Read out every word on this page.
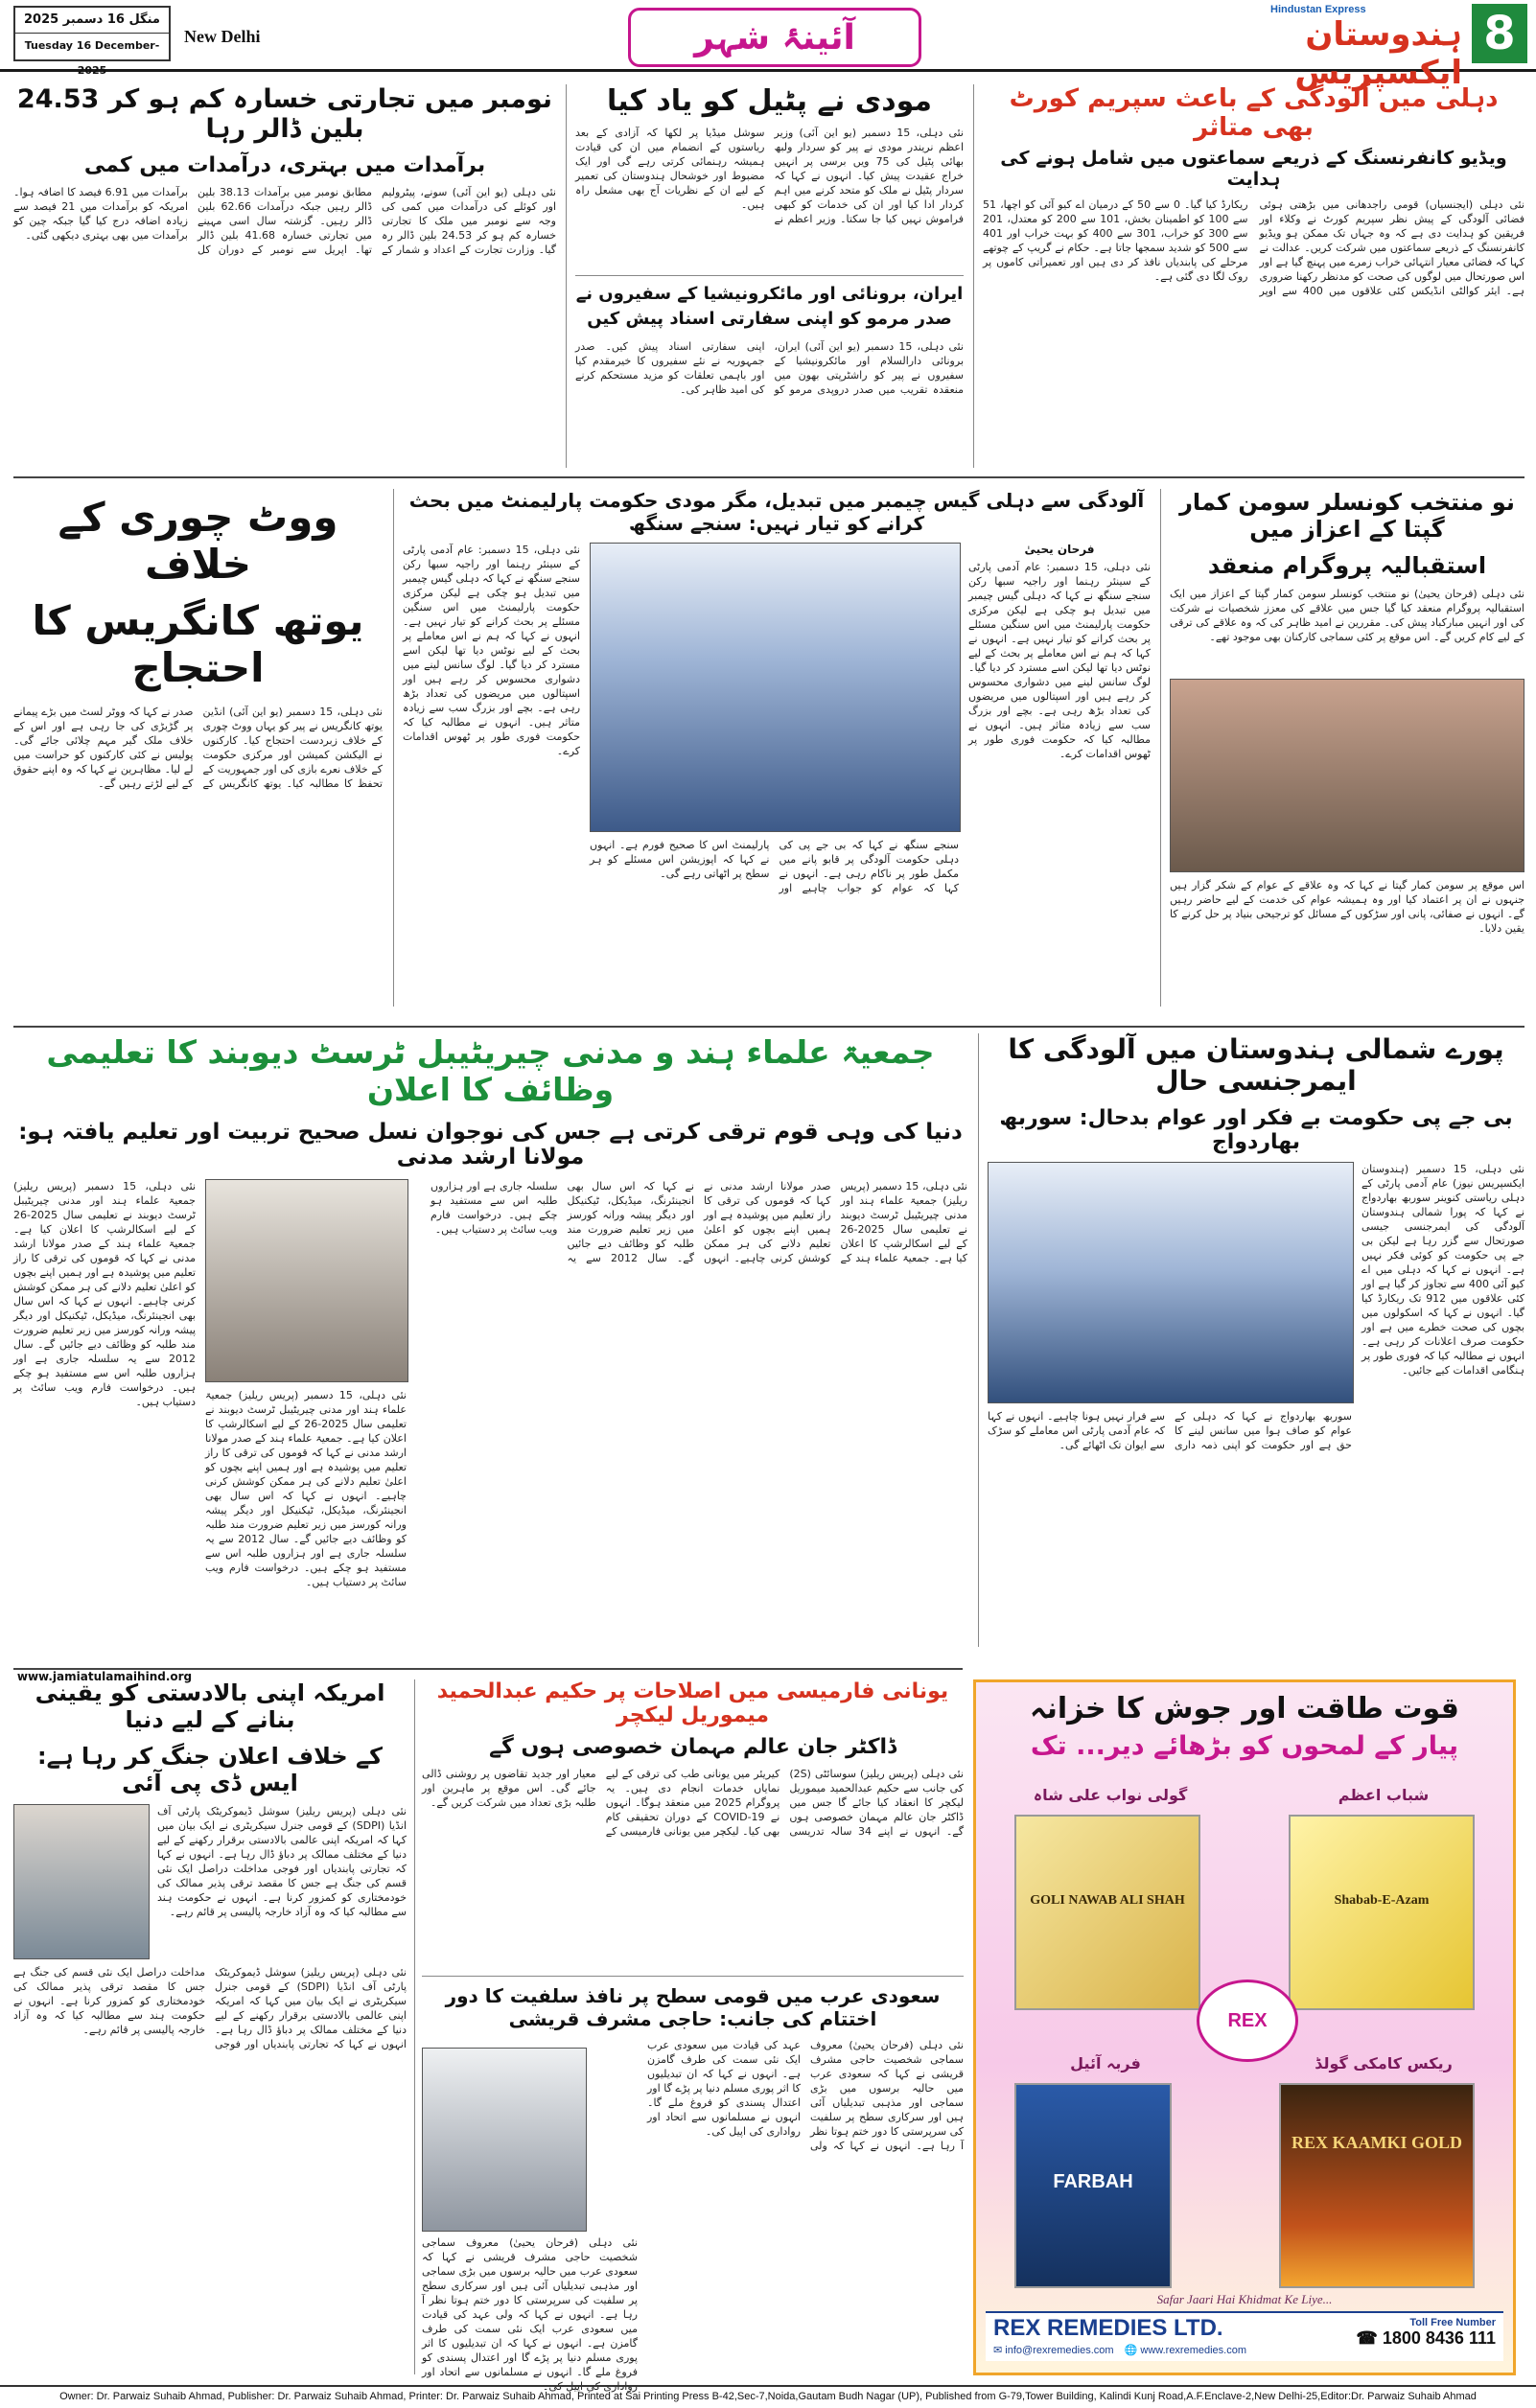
منگل 16 دسمبر 2025
Tuesday 16 December-2025
New Delhi	آئینۂ شہر
Hindustan Express
ہندوستان ایکسپریس
8
دہلی میں آلودگی کے باعث سپریم کورٹ بھی متاثر
ویڈیو کانفرنسنگ کے ذریعے سماعتوں میں شامل ہونے کی ہدایت
نئی دہلی (ایجنسیاں) قومی راجدھانی میں بڑھتی ہوئی فضائی آلودگی کے پیش نظر سپریم کورٹ نے وکلاء اور فریقین کو ہدایت دی ہے کہ وہ جہاں تک ممکن ہو ویڈیو کانفرنسنگ کے ذریعے سماعتوں میں شرکت کریں۔ عدالت نے کہا کہ فضائی معیار انتہائی خراب زمرے میں پہنچ گیا ہے اور اس صورتحال میں لوگوں کی صحت کو مدنظر رکھنا ضروری ہے۔ ایئر کوالٹی انڈیکس کئی علاقوں میں 400 سے اوپر ریکارڈ کیا گیا۔ 0 سے 50 کے درمیان اے کیو آئی کو اچھا، 51 سے 100 کو اطمینان بخش، 101 سے 200 کو معتدل، 201 سے 300 کو خراب، 301 سے 400 کو بہت خراب اور 401 سے 500 کو شدید سمجھا جاتا ہے۔ حکام نے گریپ کے چوتھے مرحلے کی پابندیاں نافذ کر دی ہیں اور تعمیراتی کاموں پر روک لگا دی گئی ہے۔
مودی نے پٹیل کو یاد کیا
نئی دہلی، 15 دسمبر (یو این آئی) وزیر اعظم نریندر مودی نے پیر کو سردار ولبھ بھائی پٹیل کی 75 ویں برسی پر انہیں خراج عقیدت پیش کیا۔ انہوں نے کہا کہ سردار پٹیل نے ملک کو متحد کرنے میں اہم کردار ادا کیا اور ان کی خدمات کو کبھی فراموش نہیں کیا جا سکتا۔ وزیر اعظم نے سوشل میڈیا پر لکھا کہ آزادی کے بعد ریاستوں کے انضمام میں ان کی قیادت ہمیشہ رہنمائی کرتی رہے گی اور ایک مضبوط اور خوشحال ہندوستان کی تعمیر کے لیے ان کے نظریات آج بھی مشعل راہ ہیں۔
ایران، برونائی اور مائکرونیشیا کے سفیروں نے صدر مرمو کو اپنی سفارتی اسناد پیش کیں
نئی دہلی، 15 دسمبر (یو این آئی) ایران، برونائی دارالسلام اور مائکرونیشیا کے سفیروں نے پیر کو راشٹرپتی بھون میں منعقدہ تقریب میں صدر دروپدی مرمو کو اپنی سفارتی اسناد پیش کیں۔ صدر جمہوریہ نے نئے سفیروں کا خیرمقدم کیا اور باہمی تعلقات کو مزید مستحکم کرنے کی امید ظاہر کی۔
نومبر میں تجارتی خسارہ کم ہو کر 24.53 بلین ڈالر رہا
برآمدات میں بہتری، درآمدات میں کمی
نئی دہلی (یو این آئی) سونے، پیٹرولیم اور کوئلے کی درآمدات میں کمی کی وجہ سے نومبر میں ملک کا تجارتی خسارہ کم ہو کر 24.53 بلین ڈالر رہ گیا۔ وزارت تجارت کے اعداد و شمار کے مطابق نومبر میں برآمدات 38.13 بلین ڈالر رہیں جبکہ درآمدات 62.66 بلین ڈالر رہیں۔ گزشتہ سال اسی مہینے میں تجارتی خسارہ 41.68 بلین ڈالر تھا۔ اپریل سے نومبر کے دوران کل برآمدات میں 6.91 فیصد کا اضافہ ہوا۔ امریکہ کو برآمدات میں 21 فیصد سے زیادہ اضافہ درج کیا گیا جبکہ چین کو برآمدات میں بھی بہتری دیکھی گئی۔
نو منتخب کونسلر سومن کمار گپتا کے اعزاز میں
استقبالیہ پروگرام منعقد
نئی دہلی (فرحان یحییٰ) نو منتخب کونسلر سومن کمار گپتا کے اعزاز میں ایک استقبالیہ پروگرام منعقد کیا گیا جس میں علاقے کی معزز شخصیات نے شرکت کی اور انہیں مبارکباد پیش کی۔ مقررین نے امید ظاہر کی کہ وہ علاقے کی ترقی کے لیے کام کریں گے۔ اس موقع پر کئی سماجی کارکنان بھی موجود تھے۔
اس موقع پر سومن کمار گپتا نے کہا کہ وہ علاقے کے عوام کے شکر گزار ہیں جنہوں نے ان پر اعتماد کیا اور وہ ہمیشہ عوام کی خدمت کے لیے حاضر رہیں گے۔ انہوں نے صفائی، پانی اور سڑکوں کے مسائل کو ترجیحی بنیاد پر حل کرنے کا یقین دلایا۔
آلودگی سے دہلی گیس چیمبر میں تبدیل، مگر مودی حکومت پارلیمنٹ میں بحث کرانے کو تیار نہیں: سنجے سنگھ
فرحان یحییٰ
نئی دہلی، 15 دسمبر: عام آدمی پارٹی کے سینئر رہنما اور راجیہ سبھا رکن سنجے سنگھ نے کہا کہ دہلی گیس چیمبر میں تبدیل ہو چکی ہے لیکن مرکزی حکومت پارلیمنٹ میں اس سنگین مسئلے پر بحث کرانے کو تیار نہیں ہے۔ انہوں نے کہا کہ ہم نے اس معاملے پر بحث کے لیے نوٹس دیا تھا لیکن اسے مسترد کر دیا گیا۔ لوگ سانس لینے میں دشواری محسوس کر رہے ہیں اور اسپتالوں میں مریضوں کی تعداد بڑھ رہی ہے۔ بچے اور بزرگ سب سے زیادہ متاثر ہیں۔ انہوں نے مطالبہ کیا کہ حکومت فوری طور پر ٹھوس اقدامات کرے۔
سنجے سنگھ نے کہا کہ بی جے پی کی دہلی حکومت آلودگی پر قابو پانے میں مکمل طور پر ناکام رہی ہے۔ انہوں نے کہا کہ عوام کو جواب چاہیے اور پارلیمنٹ اس کا صحیح فورم ہے۔ انہوں نے کہا کہ اپوزیشن اس مسئلے کو ہر سطح پر اٹھاتی رہے گی۔
نئی دہلی، 15 دسمبر: عام آدمی پارٹی کے سینئر رہنما اور راجیہ سبھا رکن سنجے سنگھ نے کہا کہ دہلی گیس چیمبر میں تبدیل ہو چکی ہے لیکن مرکزی حکومت پارلیمنٹ میں اس سنگین مسئلے پر بحث کرانے کو تیار نہیں ہے۔ انہوں نے کہا کہ ہم نے اس معاملے پر بحث کے لیے نوٹس دیا تھا لیکن اسے مسترد کر دیا گیا۔ لوگ سانس لینے میں دشواری محسوس کر رہے ہیں اور اسپتالوں میں مریضوں کی تعداد بڑھ رہی ہے۔ بچے اور بزرگ سب سے زیادہ متاثر ہیں۔ انہوں نے مطالبہ کیا کہ حکومت فوری طور پر ٹھوس اقدامات کرے۔
ووٹ چوری کے خلاف
یوتھ کانگریس کا احتجاج
نئی دہلی، 15 دسمبر (یو این آئی) انڈین یوتھ کانگریس نے پیر کو یہاں ووٹ چوری کے خلاف زبردست احتجاج کیا۔ کارکنوں نے الیکشن کمیشن اور مرکزی حکومت کے خلاف نعرے بازی کی اور جمہوریت کے تحفظ کا مطالبہ کیا۔ یوتھ کانگریس کے صدر نے کہا کہ ووٹر لسٹ میں بڑے پیمانے پر گڑبڑی کی جا رہی ہے اور اس کے خلاف ملک گیر مہم چلائی جائے گی۔ پولیس نے کئی کارکنوں کو حراست میں لے لیا۔ مظاہرین نے کہا کہ وہ اپنے حقوق کے لیے لڑتے رہیں گے۔
پورے شمالی ہندوستان میں آلودگی کا ایمرجنسی حال
بی جے پی حکومت بے فکر اور عوام بدحال: سوربھ بھاردواج
نئی دہلی، 15 دسمبر (ہندوستان ایکسپریس نیوز) عام آدمی پارٹی کے دہلی ریاستی کنوینر سوربھ بھاردواج نے کہا کہ پورا شمالی ہندوستان آلودگی کی ایمرجنسی جیسی صورتحال سے گزر رہا ہے لیکن بی جے پی حکومت کو کوئی فکر نہیں ہے۔ انہوں نے کہا کہ دہلی میں اے کیو آئی 400 سے تجاوز کر گیا ہے اور کئی علاقوں میں 912 تک ریکارڈ کیا گیا۔ انہوں نے کہا کہ اسکولوں میں بچوں کی صحت خطرے میں ہے اور حکومت صرف اعلانات کر رہی ہے۔ انہوں نے مطالبہ کیا کہ فوری طور پر ہنگامی اقدامات کیے جائیں۔
سوربھ بھاردواج نے کہا کہ دہلی کے عوام کو صاف ہوا میں سانس لینے کا حق ہے اور حکومت کو اپنی ذمہ داری سے فرار نہیں ہونا چاہیے۔ انہوں نے کہا کہ عام آدمی پارٹی اس معاملے کو سڑک سے ایوان تک اٹھائے گی۔
جمعیۃ علماء ہند و مدنی چیریٹیبل ٹرسٹ دیوبند کا تعلیمی وظائف کا اعلان
دنیا کی وہی قوم ترقی کرتی ہے جس کی نوجوان نسل صحیح تربیت اور تعلیم یافتہ ہو: مولانا ارشد مدنی
نئی دہلی، 15 دسمبر (پریس ریلیز) جمعیۃ علماء ہند اور مدنی چیریٹیبل ٹرسٹ دیوبند نے تعلیمی سال 2025-26 کے لیے اسکالرشپ کا اعلان کیا ہے۔ جمعیۃ علماء ہند کے صدر مولانا ارشد مدنی نے کہا کہ قوموں کی ترقی کا راز تعلیم میں پوشیدہ ہے اور ہمیں اپنے بچوں کو اعلیٰ تعلیم دلانے کی ہر ممکن کوشش کرنی چاہیے۔ انہوں نے کہا کہ اس سال بھی انجینئرنگ، میڈیکل، ٹیکنیکل اور دیگر پیشہ ورانہ کورسز میں زیر تعلیم ضرورت مند طلبہ کو وظائف دیے جائیں گے۔ سال 2012 سے یہ سلسلہ جاری ہے اور ہزاروں طلبہ اس سے مستفید ہو چکے ہیں۔ درخواست فارم ویب سائٹ پر دستیاب ہیں۔
نئی دہلی، 15 دسمبر (پریس ریلیز) جمعیۃ علماء ہند اور مدنی چیریٹیبل ٹرسٹ دیوبند نے تعلیمی سال 2025-26 کے لیے اسکالرشپ کا اعلان کیا ہے۔ جمعیۃ علماء ہند کے صدر مولانا ارشد مدنی نے کہا کہ قوموں کی ترقی کا راز تعلیم میں پوشیدہ ہے اور ہمیں اپنے بچوں کو اعلیٰ تعلیم دلانے کی ہر ممکن کوشش کرنی چاہیے۔ انہوں نے کہا کہ اس سال بھی انجینئرنگ، میڈیکل، ٹیکنیکل اور دیگر پیشہ ورانہ کورسز میں زیر تعلیم ضرورت مند طلبہ کو وظائف دیے جائیں گے۔ سال 2012 سے یہ سلسلہ جاری ہے اور ہزاروں طلبہ اس سے مستفید ہو چکے ہیں۔ درخواست فارم ویب سائٹ پر دستیاب ہیں۔
نئی دہلی، 15 دسمبر (پریس ریلیز) جمعیۃ علماء ہند اور مدنی چیریٹیبل ٹرسٹ دیوبند نے تعلیمی سال 2025-26 کے لیے اسکالرشپ کا اعلان کیا ہے۔ جمعیۃ علماء ہند کے صدر مولانا ارشد مدنی نے کہا کہ قوموں کی ترقی کا راز تعلیم میں پوشیدہ ہے اور ہمیں اپنے بچوں کو اعلیٰ تعلیم دلانے کی ہر ممکن کوشش کرنی چاہیے۔ انہوں نے کہا کہ اس سال بھی انجینئرنگ، میڈیکل، ٹیکنیکل اور دیگر پیشہ ورانہ کورسز میں زیر تعلیم ضرورت مند طلبہ کو وظائف دیے جائیں گے۔ سال 2012 سے یہ سلسلہ جاری ہے اور ہزاروں طلبہ اس سے مستفید ہو چکے ہیں۔ درخواست فارم ویب سائٹ پر دستیاب ہیں۔
www.jamiatulamaihind.org
امریکہ اپنی بالادستی کو یقینی بنانے کے لیے دنیا
کے خلاف اعلان جنگ کر رہا ہے: ایس ڈی پی آئی
نئی دہلی (پریس ریلیز) سوشل ڈیموکریٹک پارٹی آف انڈیا (SDPI) کے قومی جنرل سیکریٹری نے ایک بیان میں کہا کہ امریکہ اپنی عالمی بالادستی برقرار رکھنے کے لیے دنیا کے مختلف ممالک پر دباؤ ڈال رہا ہے۔ انہوں نے کہا کہ تجارتی پابندیاں اور فوجی مداخلت دراصل ایک نئی قسم کی جنگ ہے جس کا مقصد ترقی پذیر ممالک کی خودمختاری کو کمزور کرنا ہے۔ انہوں نے حکومت ہند سے مطالبہ کیا کہ وہ آزاد خارجہ پالیسی پر قائم رہے۔
نئی دہلی (پریس ریلیز) سوشل ڈیموکریٹک پارٹی آف انڈیا (SDPI) کے قومی جنرل سیکریٹری نے ایک بیان میں کہا کہ امریکہ اپنی عالمی بالادستی برقرار رکھنے کے لیے دنیا کے مختلف ممالک پر دباؤ ڈال رہا ہے۔ انہوں نے کہا کہ تجارتی پابندیاں اور فوجی مداخلت دراصل ایک نئی قسم کی جنگ ہے جس کا مقصد ترقی پذیر ممالک کی خودمختاری کو کمزور کرنا ہے۔ انہوں نے حکومت ہند سے مطالبہ کیا کہ وہ آزاد خارجہ پالیسی پر قائم رہے۔
یونانی فارمیسی میں اصلاحات پر حکیم عبدالحمید میموریل لیکچر
ڈاکٹر جان عالم مہمان خصوصی ہوں گے
نئی دہلی (پریس ریلیز) سوسائٹی (2S) کی جانب سے حکیم عبدالحمید میموریل لیکچر کا انعقاد کیا جائے گا جس میں ڈاکٹر جان عالم مہمان خصوصی ہوں گے۔ انہوں نے اپنے 34 سالہ تدریسی کیریئر میں یونانی طب کی ترقی کے لیے نمایاں خدمات انجام دی ہیں۔ یہ پروگرام 2025 میں منعقد ہوگا۔ انہوں نے COVID-19 کے دوران تحقیقی کام بھی کیا۔ لیکچر میں یونانی فارمیسی کے معیار اور جدید تقاضوں پر روشنی ڈالی جائے گی۔ اس موقع پر ماہرین اور طلبہ بڑی تعداد میں شرکت کریں گے۔
سعودی عرب میں قومی سطح پر نافذ سلفیت کا دور اختتام کی جانب: حاجی مشرف قریشی
نئی دہلی (فرحان یحییٰ) معروف سماجی شخصیت حاجی مشرف قریشی نے کہا کہ سعودی عرب میں حالیہ برسوں میں بڑی سماجی اور مذہبی تبدیلیاں آئی ہیں اور سرکاری سطح پر سلفیت کی سرپرستی کا دور ختم ہوتا نظر آ رہا ہے۔ انہوں نے کہا کہ ولی عہد کی قیادت میں سعودی عرب ایک نئی سمت کی طرف گامزن ہے۔ انہوں نے کہا کہ ان تبدیلیوں کا اثر پوری مسلم دنیا پر پڑے گا اور اعتدال پسندی کو فروغ ملے گا۔ انہوں نے مسلمانوں سے اتحاد اور رواداری کی اپیل کی۔
نئی دہلی (فرحان یحییٰ) معروف سماجی شخصیت حاجی مشرف قریشی نے کہا کہ سعودی عرب میں حالیہ برسوں میں بڑی سماجی اور مذہبی تبدیلیاں آئی ہیں اور سرکاری سطح پر سلفیت کی سرپرستی کا دور ختم ہوتا نظر آ رہا ہے۔ انہوں نے کہا کہ ولی عہد کی قیادت میں سعودی عرب ایک نئی سمت کی طرف گامزن ہے۔ انہوں نے کہا کہ ان تبدیلیوں کا اثر پوری مسلم دنیا پر پڑے گا اور اعتدال پسندی کو فروغ ملے گا۔ انہوں نے مسلمانوں سے اتحاد اور رواداری کی اپیل کی۔
قوت طاقت اور جوش کا خزانہ
پیار کے لمحوں کو بڑھائے دیر... تک
شباب اعظم
گولی نواب علی شاہ
GOLI NAWAB ALI SHAH	Shabab-E-Azam
REX
فربہ آئیل	ریکس کامکی گولڈ
FARBAH
REX KAAMKI GOLD
Safar Jaari Hai Khidmat Ke Liye...
REX REMEDIES LTD.
✉ info@rexremedies.com 🌐 www.rexremedies.com
Toll Free Number
☎ 1800 8436 111
Owner: Dr. Parwaiz Suhaib Ahmad, Publisher: Dr. Parwaiz Suhaib Ahmad, Printer: Dr. Parwaiz Suhaib Ahmad, Printed at Sai Printing Press B-42,Sec-7,Noida,Gautam Budh Nagar (UP), Published from G-79,Tower Building, Kalindi Kunj Road,A.F.Enclave-2,New Delhi-25,Editor:Dr. Parwaiz Suhaib Ahmad
